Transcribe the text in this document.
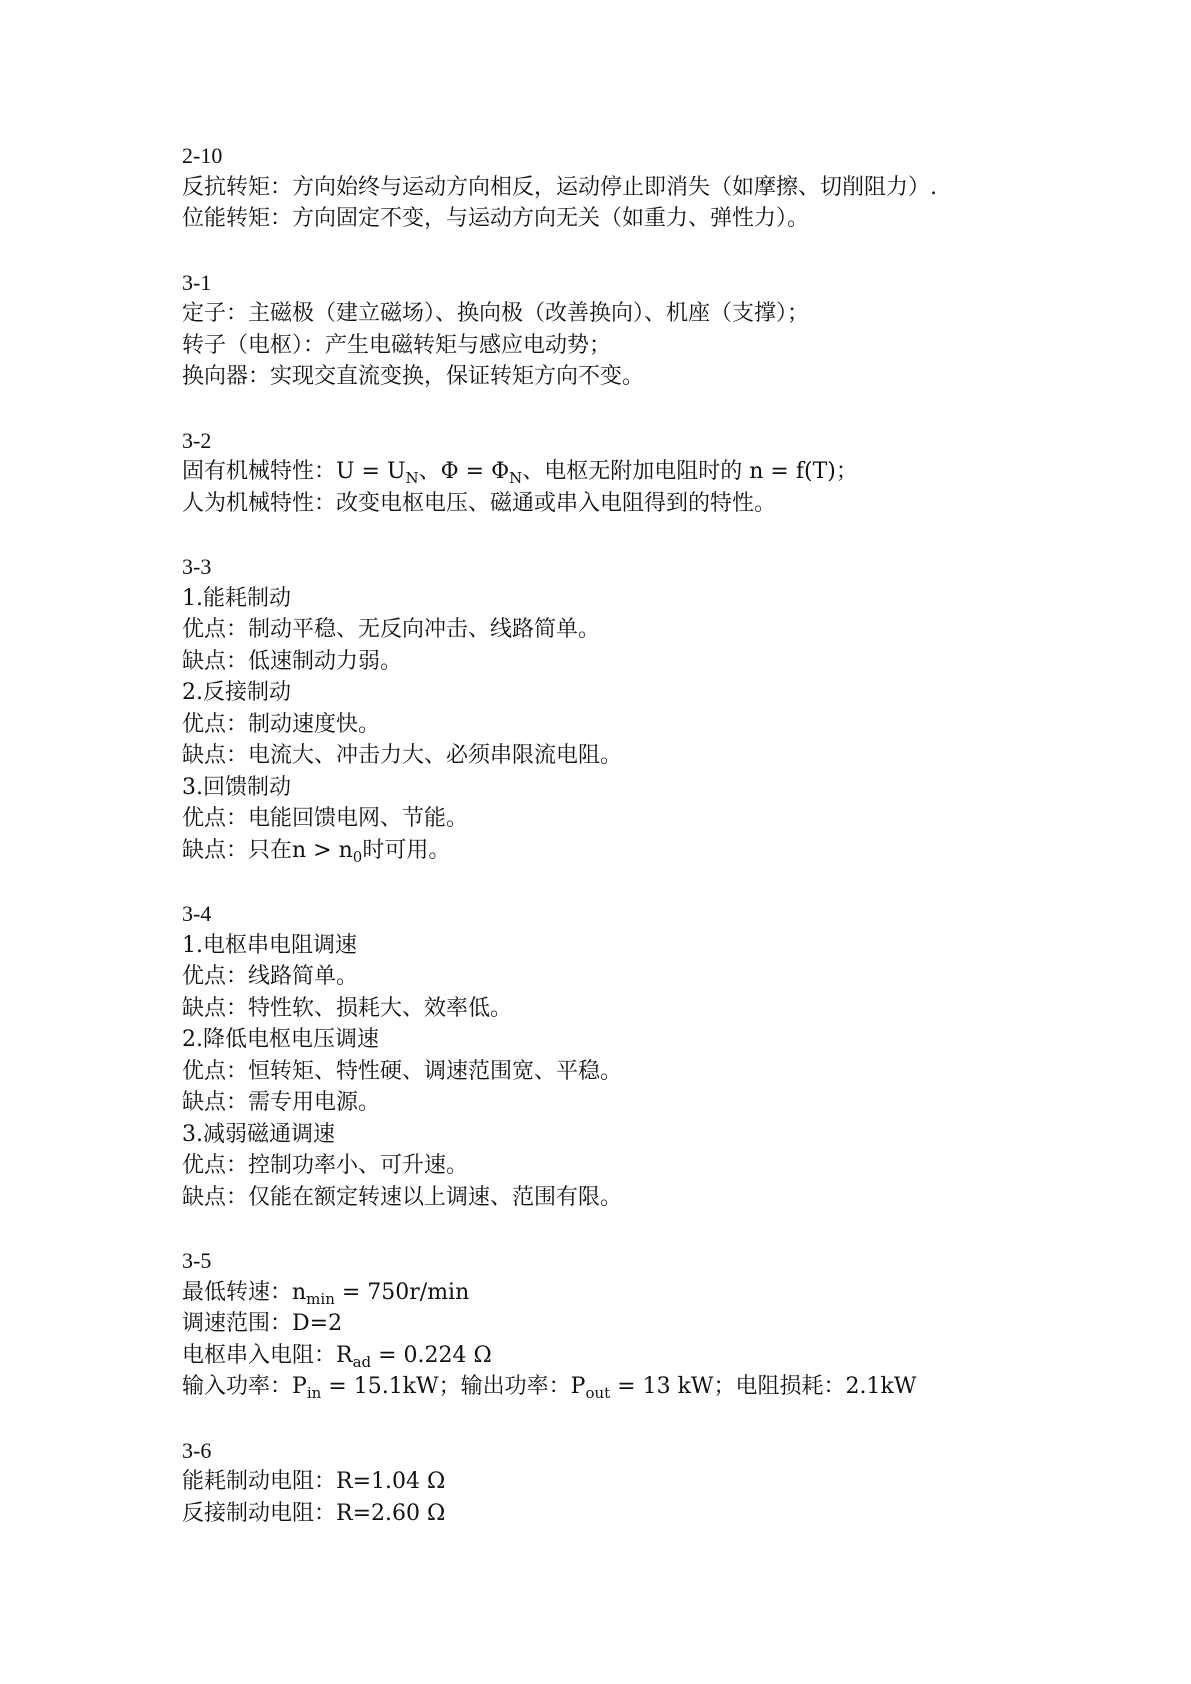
2-10

反抗转矩：方向始终与运动方向相反，运动停止即消失（如摩擦、切削阻力）.

位能转矩：方向固定不变，与运动方向无关（如重力、弹性力）。

3-1

定子：主磁极（建立磁场）、换向极（改善换向）、机座（支撑）；

转子（电枢）：产生电磁转矩与感应电动势；

换向器：实现交直流变换，保证转矩方向不变。

3-2

固有机械特性：$U = U_N$、$\Phi = \Phi_N$、电枢无附加电阻时的 n = f(T)；

人为机械特性：改变电枢电压、磁通或串入电阻得到的特性。

3-3

1.能耗制动

优点：制动平稳、无反向冲击、线路简单。

缺点：低速制动力弱。

2.反接制动

优点：制动速度快。

缺点：电流大、冲击力大、必须串限流电阻。

3.回馈制动

优点：电能回馈电网、节能。

缺点：只在$n > n_0$时可用。

3-4

1.电枢串电阻调速

优点：线路简单。

缺点：特性软、损耗大、效率低。

2.降低电枢电压调速

优点：恒转矩、特性硬、调速范围宽、平稳。

缺点：需专用电源。

3.减弱磁通调速

优点：控制功率小、可升速。

缺点：仅能在额定转速以上调速、范围有限。

3-5

最低转速：$n_{min} = 750r/\min$

调速范围：D=2

电枢串入电阻：$R_{ad} = 0.224$ Ω

输入功率：$P_{in} = 15.1kW$；输出功率：$P_{out} = 13$ kW；电阻损耗：2.1kW

3-6

能耗制动电阻：R=1.04 Ω

反接制动电阻：R=2.60 Ω
